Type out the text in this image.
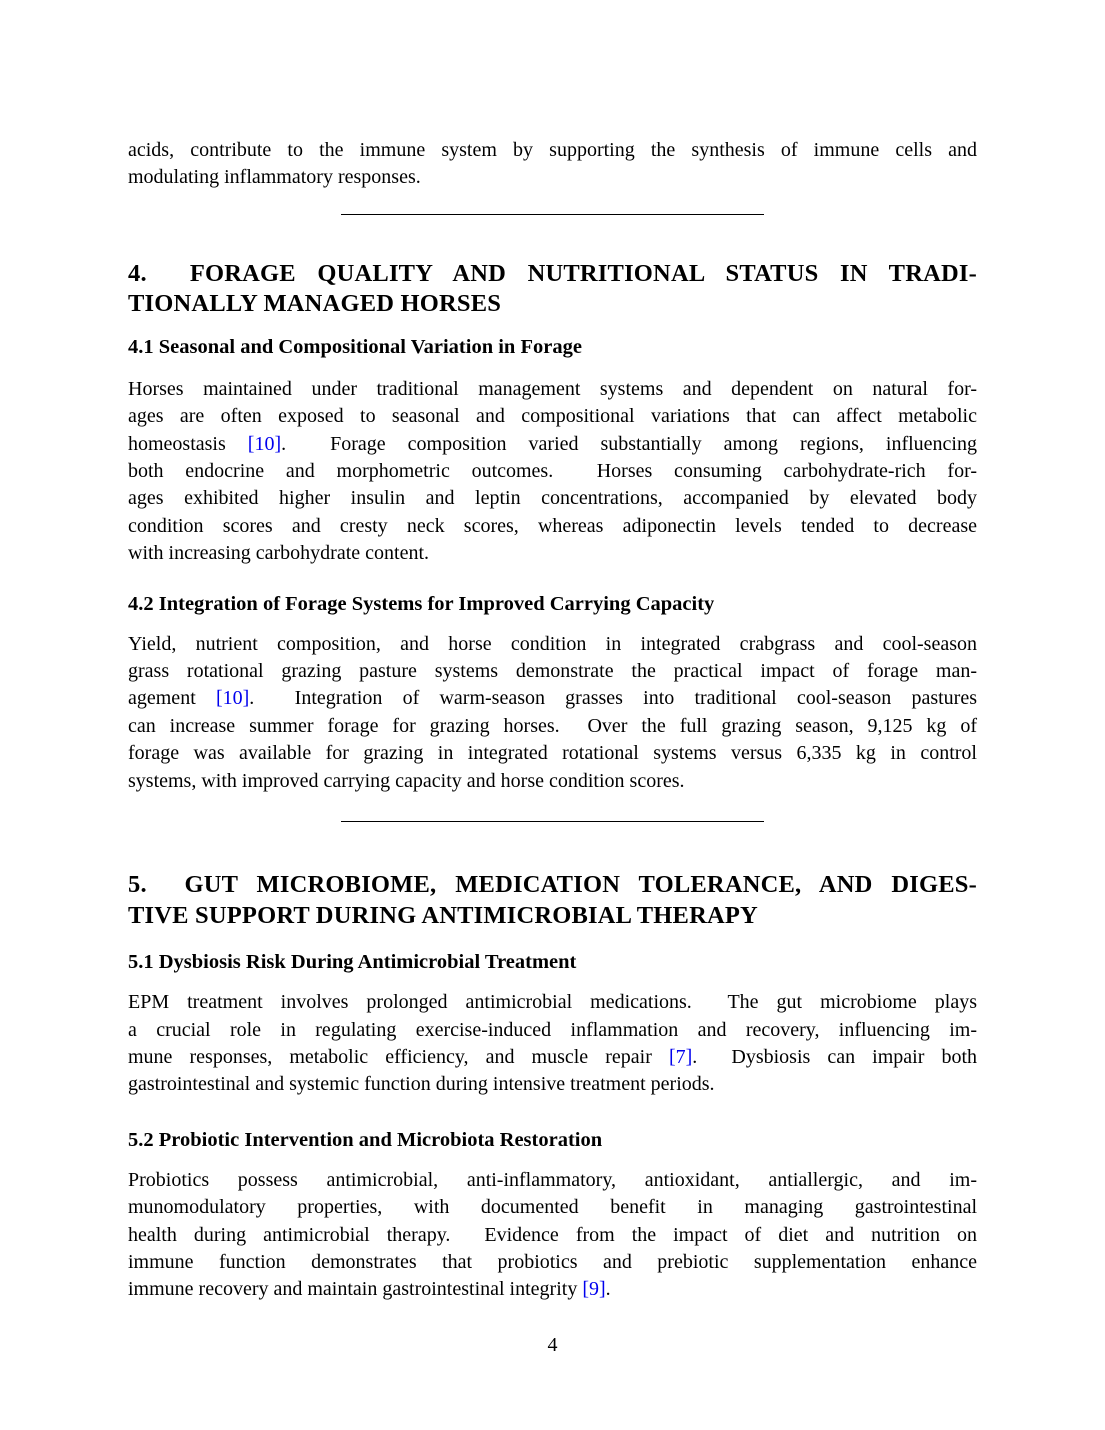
acids, contribute to the immune system by supporting the synthesis of immune cells and
modulating inflammatory responses.
4.  FORAGE QUALITY AND NUTRITIONAL STATUS IN TRADI-
TIONALLY MANAGED HORSES
4.1 Seasonal and Compositional Variation in Forage
Horses maintained under traditional management systems and dependent on natural for-
ages are often exposed to seasonal and compositional variations that can affect metabolic
homeostasis [10].  Forage composition varied substantially among regions, influencing
both endocrine and morphometric outcomes.  Horses consuming carbohydrate-rich for-
ages exhibited higher insulin and leptin concentrations, accompanied by elevated body
condition scores and cresty neck scores, whereas adiponectin levels tended to decrease
with increasing carbohydrate content.
4.2 Integration of Forage Systems for Improved Carrying Capacity
Yield, nutrient composition, and horse condition in integrated crabgrass and cool-season
grass rotational grazing pasture systems demonstrate the practical impact of forage man-
agement [10].  Integration of warm-season grasses into traditional cool-season pastures
can increase summer forage for grazing horses.  Over the full grazing season, 9,125 kg of
forage was available for grazing in integrated rotational systems versus 6,335 kg in control
systems, with improved carrying capacity and horse condition scores.
5.  GUT MICROBIOME, MEDICATION TOLERANCE, AND DIGES-
TIVE SUPPORT DURING ANTIMICROBIAL THERAPY
5.1 Dysbiosis Risk During Antimicrobial Treatment
EPM treatment involves prolonged antimicrobial medications.  The gut microbiome plays
a crucial role in regulating exercise-induced inflammation and recovery, influencing im-
mune responses, metabolic efficiency, and muscle repair [7].  Dysbiosis can impair both
gastrointestinal and systemic function during intensive treatment periods.
5.2 Probiotic Intervention and Microbiota Restoration
Probiotics possess antimicrobial, anti-inflammatory, antioxidant, antiallergic, and im-
munomodulatory properties, with documented benefit in managing gastrointestinal
health during antimicrobial therapy.  Evidence from the impact of diet and nutrition on
immune function demonstrates that probiotics and prebiotic supplementation enhance
immune recovery and maintain gastrointestinal integrity [9].
4
